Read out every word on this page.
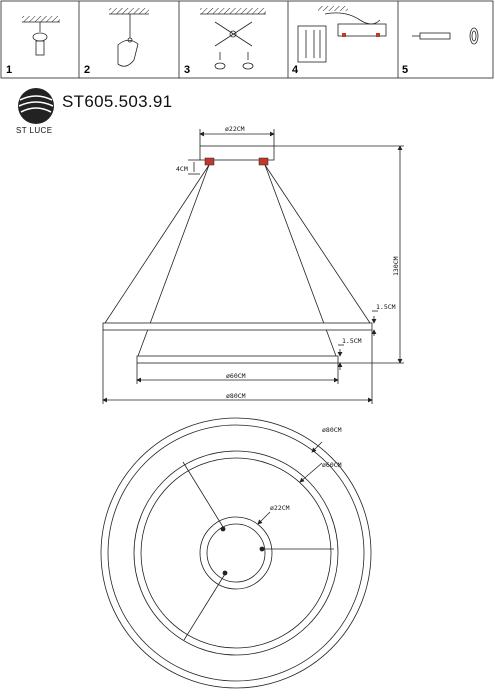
ST605.503.91
ST LUCE
1	2	3	4	5
ø22CM
4CM
130CM
1.5CM
1.5CM
ø60CM
ø80CM
ø80CM
ø60CM
ø22CM
